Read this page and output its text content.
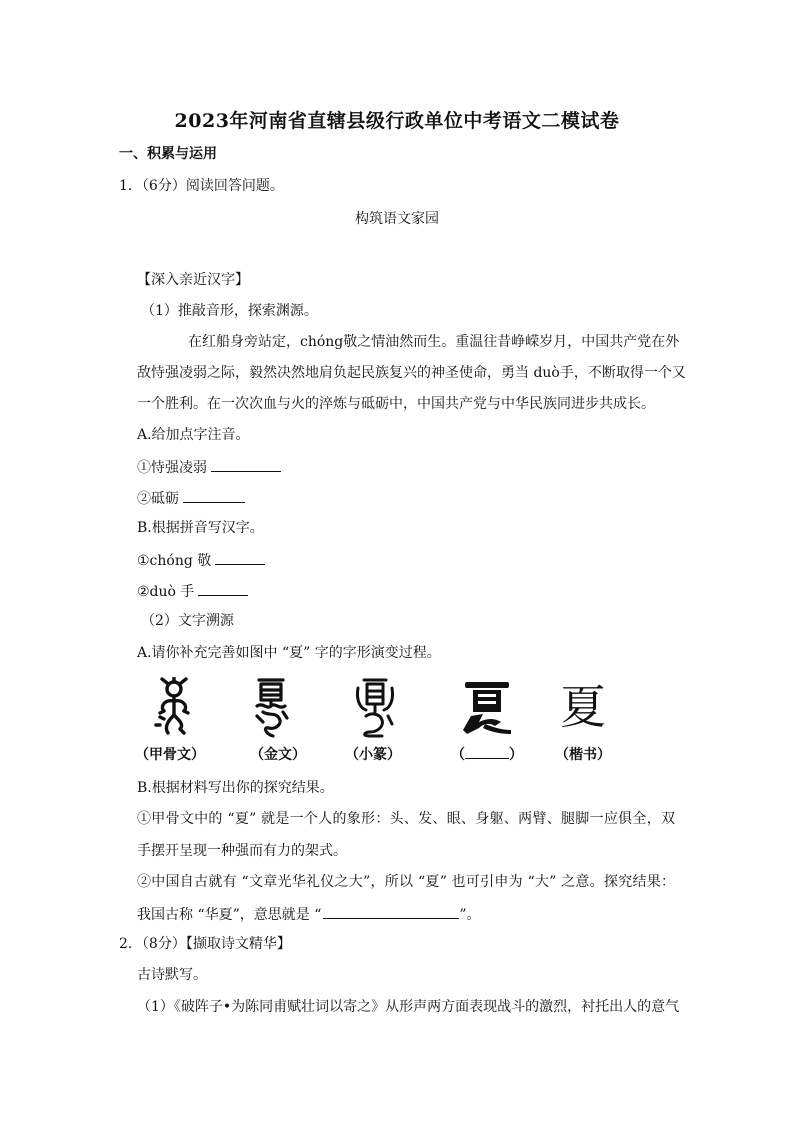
2023年河南省直辖县级行政单位中考语文二模试卷
一、积累与运用
1．（6分）阅读回答问题。
构筑语文家园
【深入亲近汉字】
（1）推敲音形，探索渊源。
在红船身旁站定，chóng敬之情油然而生。重温往昔峥嵘岁月，中国共产党在外
敌恃强凌弱之际，毅然决然地肩负起民族复兴的神圣使命，勇当 duò手，不断取得一个又
一个胜利。在一次次血与火的淬炼与砥砺中，中国共产党与中华民族同进步共成长。
A.给加点字注音。
①恃强凌弱
②砥砺
B.根据拼音写汉字。
①chóng 敬
②duò 手
（2）文字溯源
A.请你补充完善如图中 “夏” 字的字形演变过程。
夏
（甲骨文）	（金文）	（小篆）	（	） （楷书）
B.根据材料写出你的探究结果。
①甲骨文中的 “夏” 就是一个人的象形：头、发、眼、身躯、两臂、腿脚一应俱全，双
手摆开呈现一种强而有力的架式。
②中国自古就有 “文章光华礼仪之大”，所以 “夏” 也可引申为 “大” 之意。探究结果：
我国古称 “华夏”，意思就是 “	”。
2．（8分）【撷取诗文精华】
古诗默写。
（1）《破阵子•为陈同甫赋壮词以寄之》从形声两方面表现战斗的激烈，衬托出人的意气
